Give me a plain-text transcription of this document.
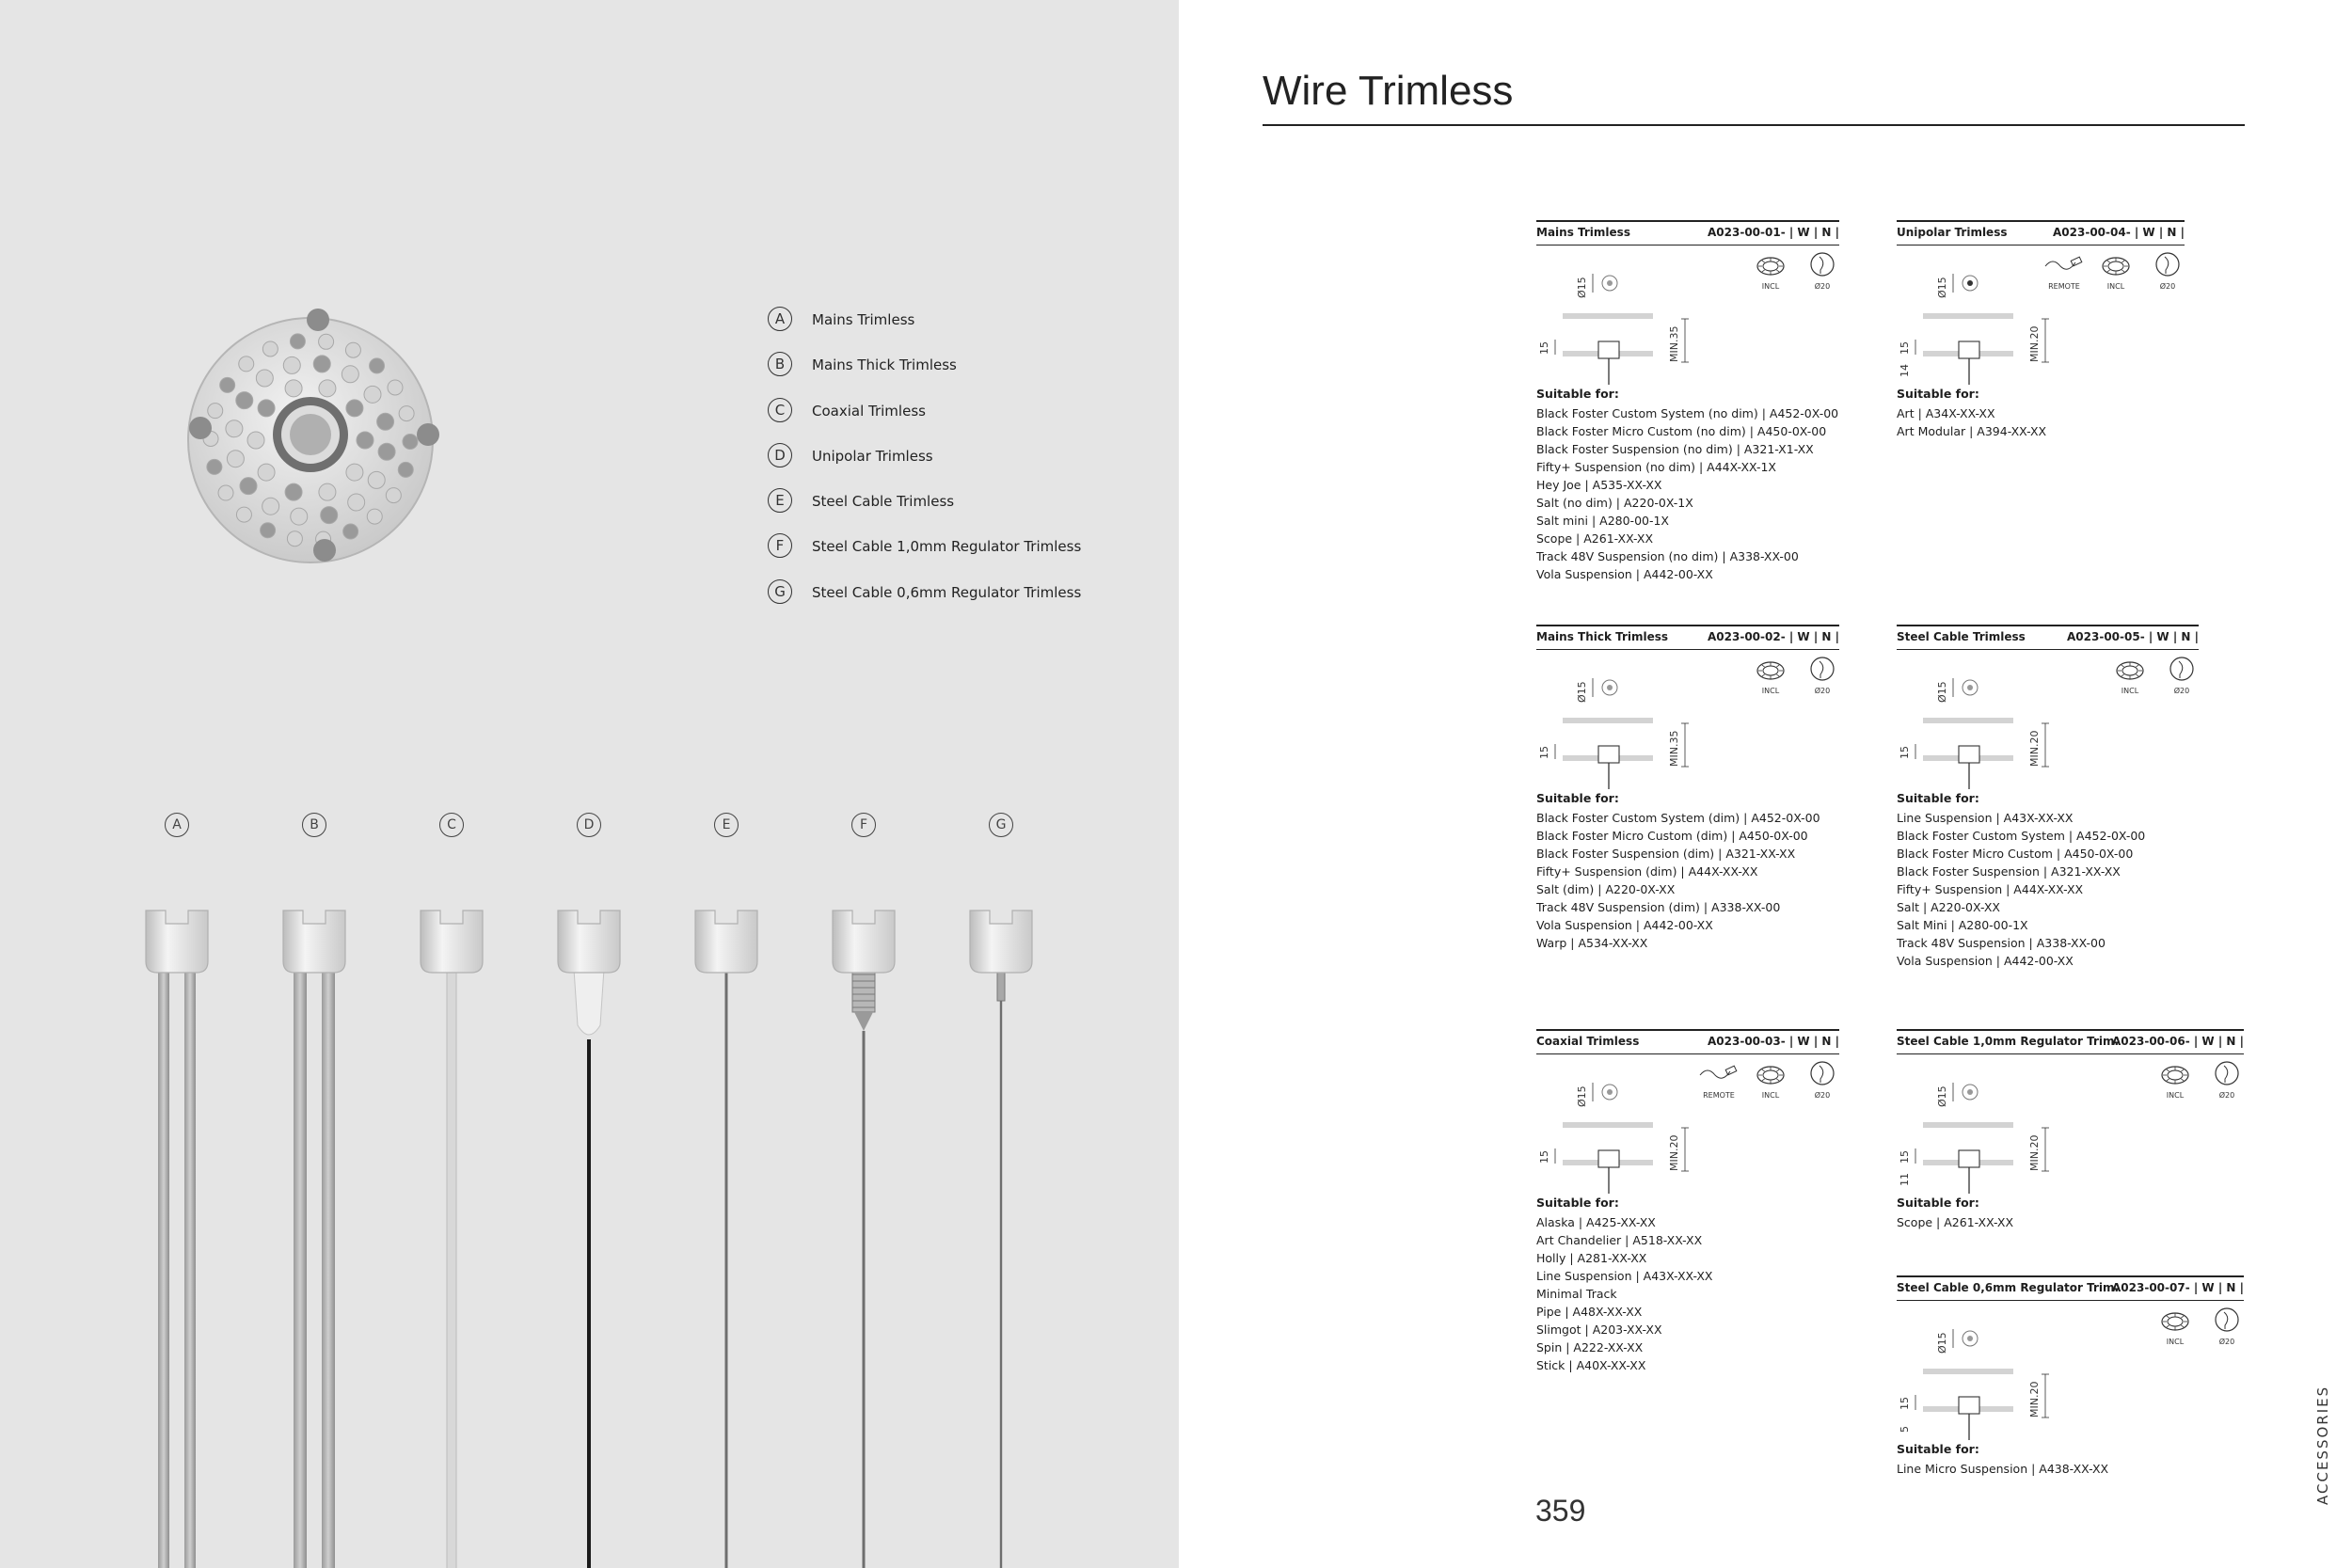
A	Mains Trimless
B	Mains Thick Trimless
C	Coaxial Trimless
D	Unipolar Trimless
E	Steel Cable Trimless
F	Steel Cable 1,0mm Regulator Trimless
G	Steel Cable 0,6mm Regulator Trimless
A	B	C	D	E	F	G
Wire Trimless
Mains Trimless	A023-00-01- | W | N |
Ø15
15	MIN.35
INCL	Ø20
Suitable for:
Black Foster Custom System (no dim) | A452-0X-00
Black Foster Micro Custom (no dim) | A450-0X-00
Black Foster Suspension (no dim) | A321-X1-XX
Fifty+ Suspension (no dim) | A44X-XX-1X
Hey Joe | A535-XX-XX
Salt (no dim) | A220-0X-1X
Salt mini | A280-00-1X
Scope | A261-XX-XX
Track 48V Suspension (no dim) | A338-XX-00
Vola Suspension | A442-00-XX
Unipolar Trimless	A023-00-04- | W | N |
Ø15
15
14
MIN.20
REMOTE	INCL	Ø20
Suitable for:
Art | A34X-XX-XX
Art Modular | A394-XX-XX
Mains Thick Trimless	A023-00-02- | W | N |
Ø15
15	MIN.35
INCL	Ø20
Suitable for:
Black Foster Custom System (dim) | A452-0X-00
Black Foster Micro Custom (dim) | A450-0X-00
Black Foster Suspension (dim) | A321-XX-XX
Fifty+ Suspension (dim) | A44X-XX-XX
Salt (dim) | A220-0X-XX
Track 48V Suspension (dim) | A338-XX-00
Vola Suspension | A442-00-XX
Warp | A534-XX-XX
Steel Cable Trimless	A023-00-05- | W | N |
Ø15
15	MIN.20
INCL	Ø20
Suitable for:
Line Suspension | A43X-XX-XX
Black Foster Custom System | A452-0X-00
Black Foster Micro Custom | A450-0X-00
Black Foster Suspension | A321-XX-XX
Fifty+ Suspension | A44X-XX-XX
Salt | A220-0X-XX
Salt Mini | A280-00-1X
Track 48V Suspension | A338-XX-00
Vola Suspension | A442-00-XX
Coaxial Trimless	A023-00-03- | W | N |
Ø15
15	MIN.20
REMOTE	INCL	Ø20
Suitable for:
Alaska | A425-XX-XX
Art Chandelier | A518-XX-XX
Holly | A281-XX-XX
Line Suspension | A43X-XX-XX
Minimal Track
Pipe | A48X-XX-XX
Slimgot | A203-XX-XX
Spin | A222-XX-XX
Stick | A40X-XX-XX
Steel Cable 1,0mm Regulator Trim.
A023-00-06- | W | N |
Ø15
15
11
MIN.20
INCL	Ø20
Suitable for:
Scope | A261-XX-XX
Steel Cable 0,6mm Regulator Trim.
A023-00-07- | W | N |
Ø15
15
5
MIN.20
INCL	Ø20
Suitable for:
Line Micro Suspension | A438-XX-XX
359
ACCESSORIES
